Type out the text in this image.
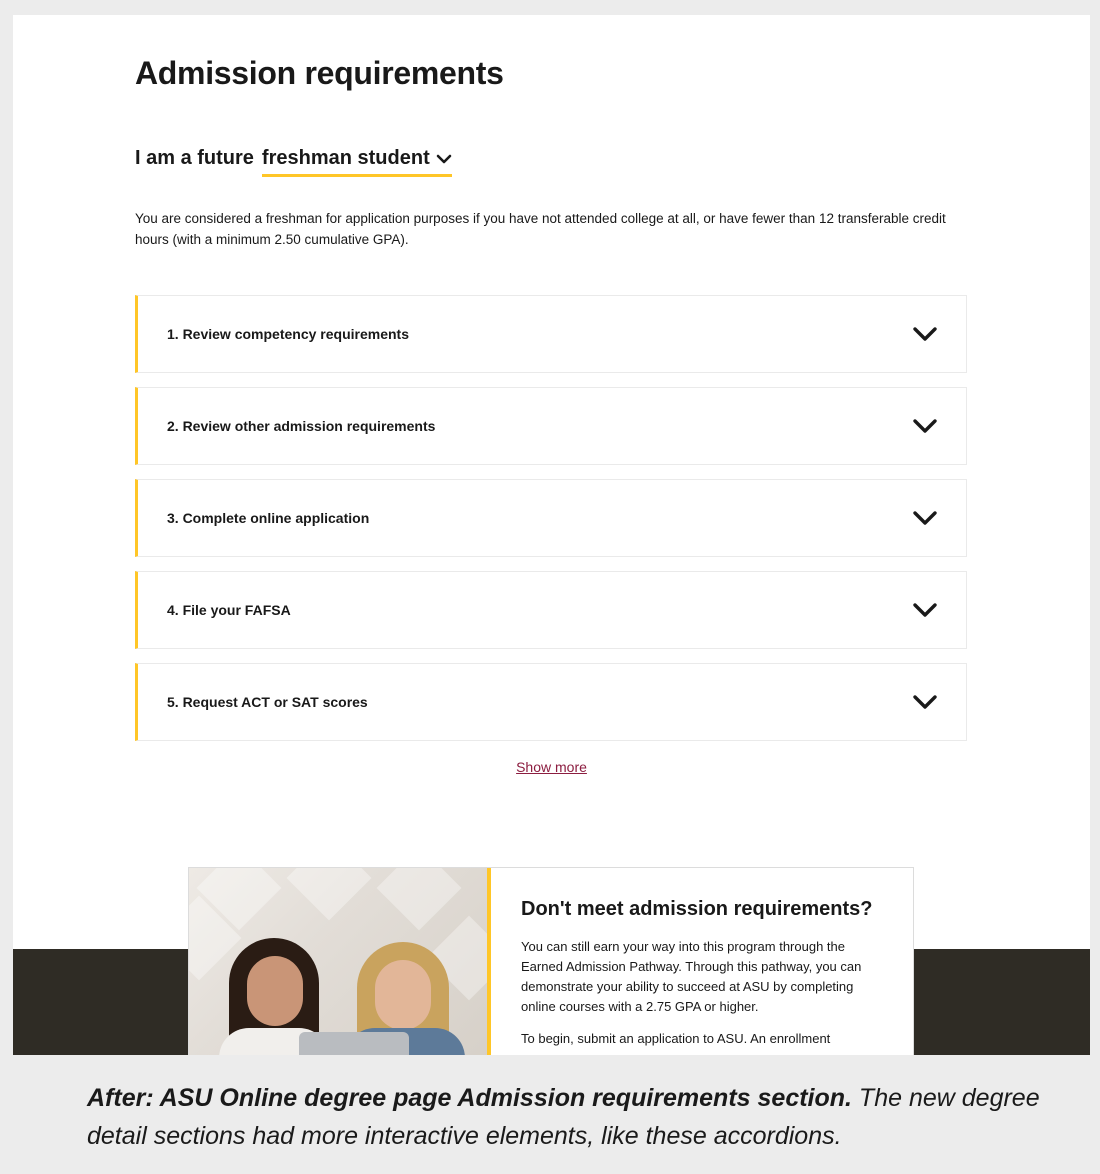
Admission requirements
I am a future freshman student

You are considered a freshman for application purposes if you have not attended college at all, or have fewer than 12 transferable credit hours (with a minimum 2.50 cumulative GPA).

1. Review competency requirements
2. Review other admission requirements
3. Complete online application
4. File your FAFSA
5. Request ACT or SAT scores
Show more
Don't meet admission requirements?

You can still earn your way into this program through the Earned Admission Pathway. Through this pathway, you can demonstrate your ability to succeed at ASU by completing online courses with a 2.75 GPA or higher.

To begin, submit an application to ASU. An enrollment

After: ASU Online degree page Admission requirements section. The new degree detail sections had more interactive elements, like these accordions.
